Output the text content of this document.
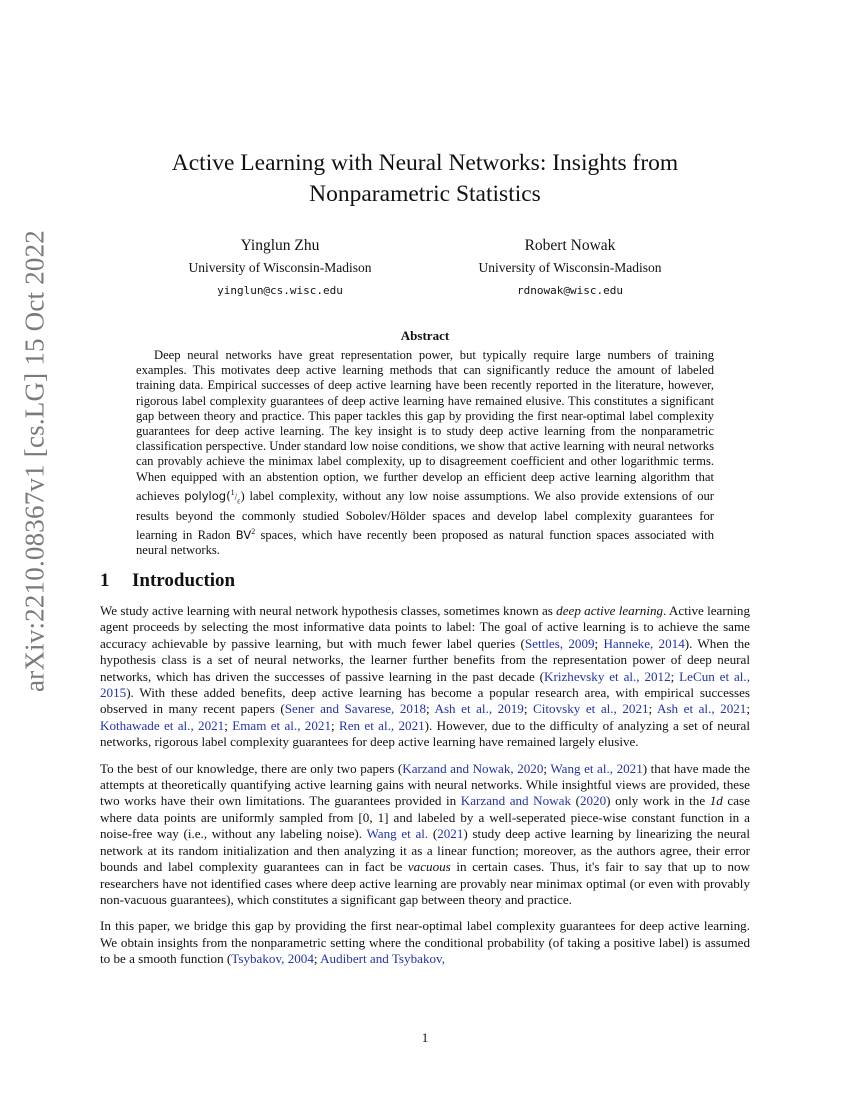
arXiv:2210.08367v1 [cs.LG] 15 Oct 2022
Active Learning with Neural Networks: Insights from
Nonparametric Statistics
Yinglun Zhu
University of Wisconsin-Madison
yinglun@cs.wisc.edu
Robert Nowak
University of Wisconsin-Madison
rdnowak@wisc.edu
Abstract
Deep neural networks have great representation power, but typically require large numbers of training examples. This motivates deep active learning methods that can significantly reduce the amount of labeled training data. Empirical successes of deep active learning have been recently reported in the literature, however, rigorous label complexity guarantees of deep active learning have remained elusive. This constitutes a significant gap between theory and practice. This paper tackles this gap by providing the first near-optimal label complexity guarantees for deep active learning. The key insight is to study deep active learning from the nonparametric classification perspective. Under standard low noise conditions, we show that active learning with neural networks can provably achieve the minimax label complexity, up to disagreement coefficient and other logarithmic terms. When equipped with an abstention option, we further develop an efficient deep active learning algorithm that achieves $polylog(^1/_\varepsilon)$ label complexity, without any low noise assumptions. We also provide extensions of our results beyond the commonly studied Sobolev/Hölder spaces and develop label complexity guarantees for learning in Radon $BV^2$ spaces, which have recently been proposed as natural function spaces associated with neural networks.
1 Introduction

We study active learning with neural network hypothesis classes, sometimes known as deep active learning. Active learning agent proceeds by selecting the most informative data points to label: The goal of active learning is to achieve the same accuracy achievable by passive learning, but with much fewer label queries (Settles, 2009; Hanneke, 2014). When the hypothesis class is a set of neural networks, the learner further benefits from the representation power of deep neural networks, which has driven the successes of passive learning in the past decade (Krizhevsky et al., 2012; LeCun et al., 2015). With these added benefits, deep active learning has become a popular research area, with empirical successes observed in many recent papers (Sener and Savarese, 2018; Ash et al., 2019; Citovsky et al., 2021; Ash et al., 2021; Kothawade et al., 2021; Emam et al., 2021; Ren et al., 2021). However, due to the difficulty of analyzing a set of neural networks, rigorous label complexity guarantees for deep active learning have remained largely elusive.

To the best of our knowledge, there are only two papers (Karzand and Nowak, 2020; Wang et al., 2021) that have made the attempts at theoretically quantifying active learning gains with neural networks. While insightful views are provided, these two works have their own limitations. The guarantees provided in Karzand and Nowak (2020) only work in the 1d case where data points are uniformly sampled from [0, 1] and labeled by a well-seperated piece-wise constant function in a noise-free way (i.e., without any labeling noise). Wang et al. (2021) study deep active learning by linearizing the neural network at its random initialization and then analyzing it as a linear function; moreover, as the authors agree, their error bounds and label complexity guarantees can in fact be vacuous in certain cases. Thus, it's fair to say that up to now researchers have not identified cases where deep active learning are provably near minimax optimal (or even with provably non-vacuous guarantees), which constitutes a significant gap between theory and practice.

In this paper, we bridge this gap by providing the first near-optimal label complexity guarantees for deep active learning. We obtain insights from the nonparametric setting where the conditional probability (of taking a positive label) is assumed to be a smooth function (Tsybakov, 2004; Audibert and Tsybakov,

1
